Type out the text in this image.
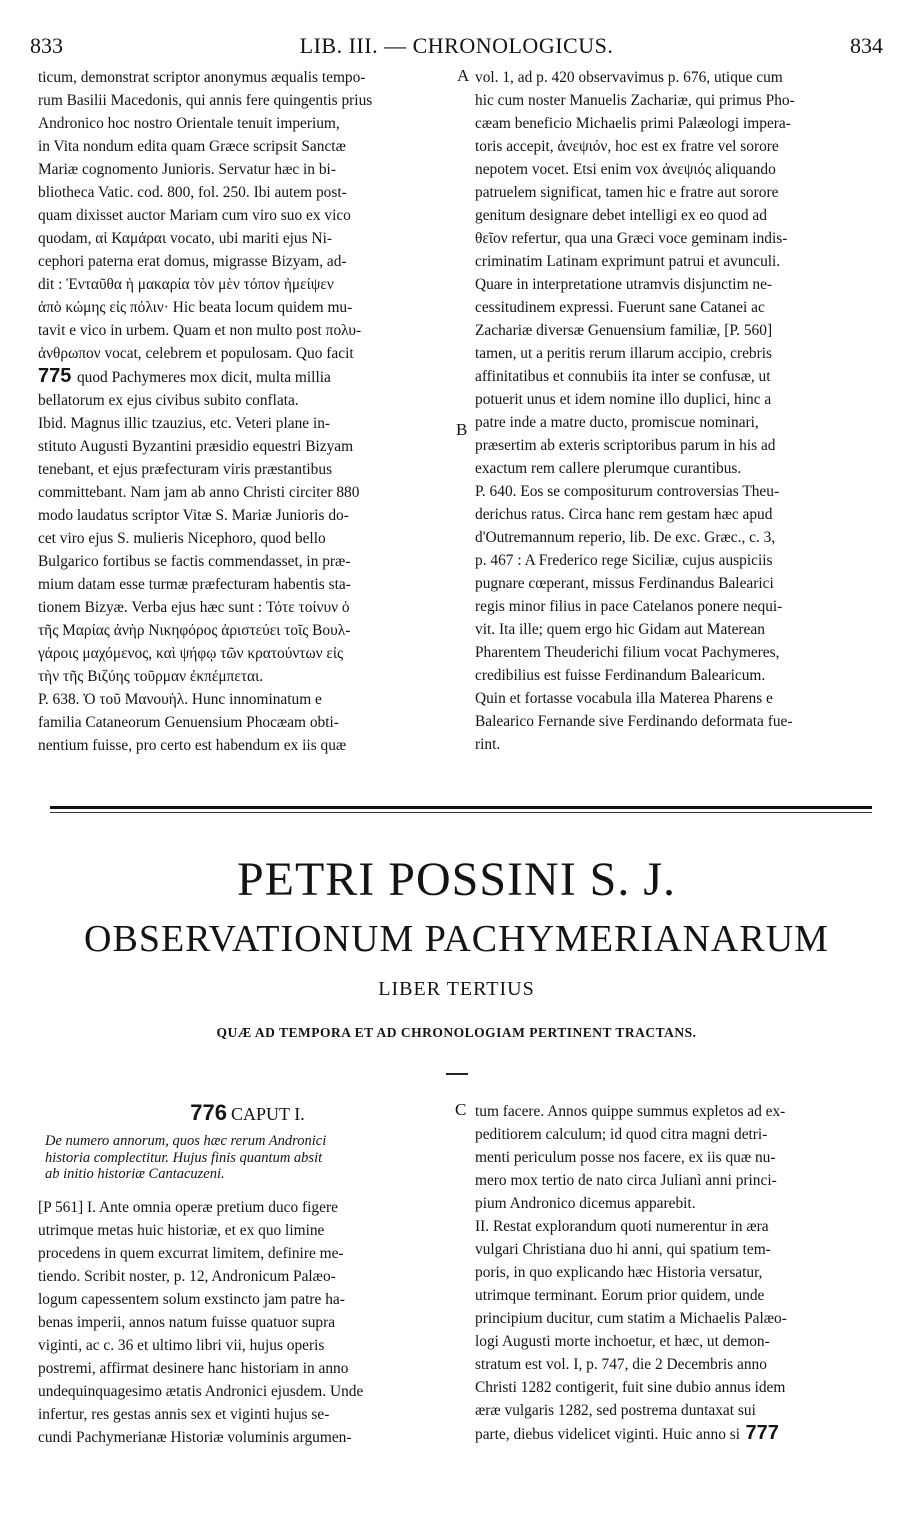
833	LIB. III. — CHRONOLOGICUS.	834
ticum, demonstrat scriptor anonymus æqualis tempo-
rum Basilii Macedonis, qui annis fere quingentis prius
Andronico hoc nostro Orientale tenuit imperium,
in Vita nondum edita quam Græce scripsit Sanctæ
Mariæ cognomento Junioris. Servatur hæc in bi-
bliotheca Vatic. cod. 800, fol. 250. Ibi autem post-
quam dixisset auctor Mariam cum viro suo ex vico
quodam, αἱ Καμάραι vocato, ubi mariti ejus Ni-
cephori paterna erat domus, migrasse Bizyam, ad-
dit : Ἐνταῦθα ἡ μακαρία τὸν μὲν τόπον ἠμείψεν
ἀπὸ κώμης εἰς πόλιν· Hic beata locum quidem mu-
tavit e vico in urbem. Quam et non multo post πολυ-
ἀνθρωπον vocat, celebrem et populosam. Quo facit
775 quod Pachymeres mox dicit, multa millia
bellatorum ex ejus civibus subito conflata.
Ibid. Magnus illic tzauzius, etc. Veteri plane in-
stituto Augusti Byzantini præsidio equestri Bizyam
tenebant, et ejus præfecturam viris præstantibus
committebant. Nam jam ab anno Christi circiter 880
modo laudatus scriptor Vitæ S. Mariæ Junioris do-
cet viro ejus S. mulieris Nicephoro, quod bello
Bulgarico fortibus se factis commendasset, in præ-
mium datam esse turmæ præfecturam habentis sta-
tionem Bizyæ. Verba ejus hæc sunt : Τότε τοίνυν ὁ
τῆς Μαρίας ἀνὴρ Νικηφόρος ἀριστεύει τοῖς Βουλ-
γάροις μαχόμενος, καὶ ψήφῳ τῶν κρατούντων εἰς
τὴν τῆς Βιζύης τοῦρμαν ἐκπέμπεται.
P. 638. Ὁ τοῦ Μανουὴλ. Hunc innominatum e
familia Cataneorum Genuensium Phocæam obti-
nentium fuisse, pro certo est habendum ex iis quæ
vol. 1, ad p. 420 observavimus p. 676, utique cum
hic cum noster Manuelis Zachariæ, qui primus Pho-
cæam beneficio Michaelis primi Palæologi impera-
toris accepit, ἀνεψιόν, hoc est ex fratre vel sorore
nepotem vocet. Etsi enim vox ἀνεψιός aliquando
patruelem significat, tamen hic e fratre aut sorore
genitum designare debet intelligi ex eo quod ad
θεῖον refertur, qua una Græci voce geminam indis-
criminatim Latinam exprimunt patrui et avunculi.
Quare in interpretatione utramvis disjunctim ne-
cessitudinem expressi. Fuerunt sane Catanei ac
Zachariæ diversæ Genuensium familiæ, [P. 560]
tamen, ut a peritis rerum illarum accipio, crebris
affinitatibus et connubiis ita inter se confusæ, ut
potuerit unus et idem nomine illo duplici, hinc a
patre inde a matre ducto, promiscue nominari,
præsertim ab exteris scriptoribus parum in his ad
exactum rem callere plerumque curantibus.
P. 640. Eos se compositurum controversias Theu-
derichus ratus. Circa hanc rem gestam hæc apud
d'Outremannum reperio, lib. De exc. Græc., c. 3,
p. 467 : A Frederico rege Siciliæ, cujus auspiciis
pugnare cœperant, missus Ferdinandus Balearici
regis minor filius in pace Catelanos ponere nequi-
vit. Ita ille; quem ergo hic Gidam aut Materean
Pharentem Theuderichi filium vocat Pachymeres,
credibilius est fuisse Ferdinandum Balearicum.
Quin et fortasse vocabula illa Materea Pharens e
Balearico Fernande sive Ferdinando deformata fue-
rint.
A
B
PETRI POSSINI S. J.
OBSERVATIONUM PACHYMERIANARUM
LIBER TERTIUS
QUÆ AD TEMPORA ET AD CHRONOLOGIAM PERTINENT TRACTANS.
776 CAPUT I.
De numero annorum, quos hæc rerum Andronici
historia complectitur. Hujus finis quantum absit
ab initio historiæ Cantacuzeni.
[P 561] I. Ante omnia operæ pretium duco figere
utrimque metas huic historiæ, et ex quo limine
procedens in quem excurrat limitem, definire me-
tiendo. Scribit noster, p. 12, Andronicum Palæo-
logum capessentem solum exstincto jam patre ha-
benas imperii, annos natum fuisse quatuor supra
viginti, ac c. 36 et ultimo libri vii, hujus operis
postremi, affirmat desinere hanc historiam in anno
undequinquagesimo ætatis Andronici ejusdem. Unde
infertur, res gestas annis sex et viginti hujus se-
cundi Pachymerianæ Historiæ voluminis argumen-
tum facere. Annos quippe summus expletos ad ex-
peditiorem calculum; id quod citra magni detri-
menti periculum posse nos facere, ex iis quæ nu-
mero mox tertio de nato circa Julianì anni princi-
pium Andronico dicemus apparebit.
II. Restat explorandum quoti numerentur in æra
vulgari Christiana duo hi anni, qui spatium tem-
poris, in quo explicando hæc Historia versatur,
utrimque terminant. Eorum prior quidem, unde
principium ducitur, cum statim a Michaelis Palæo-
logi Augusti morte inchoetur, et hæc, ut demon-
stratum est vol. I, p. 747, die 2 Decembris anno
Christi 1282 contigerit, fuit sine dubio annus idem
æræ vulgaris 1282, sed postrema duntaxat sui
parte, diebus videlicet viginti. Huic anno si 777
C
